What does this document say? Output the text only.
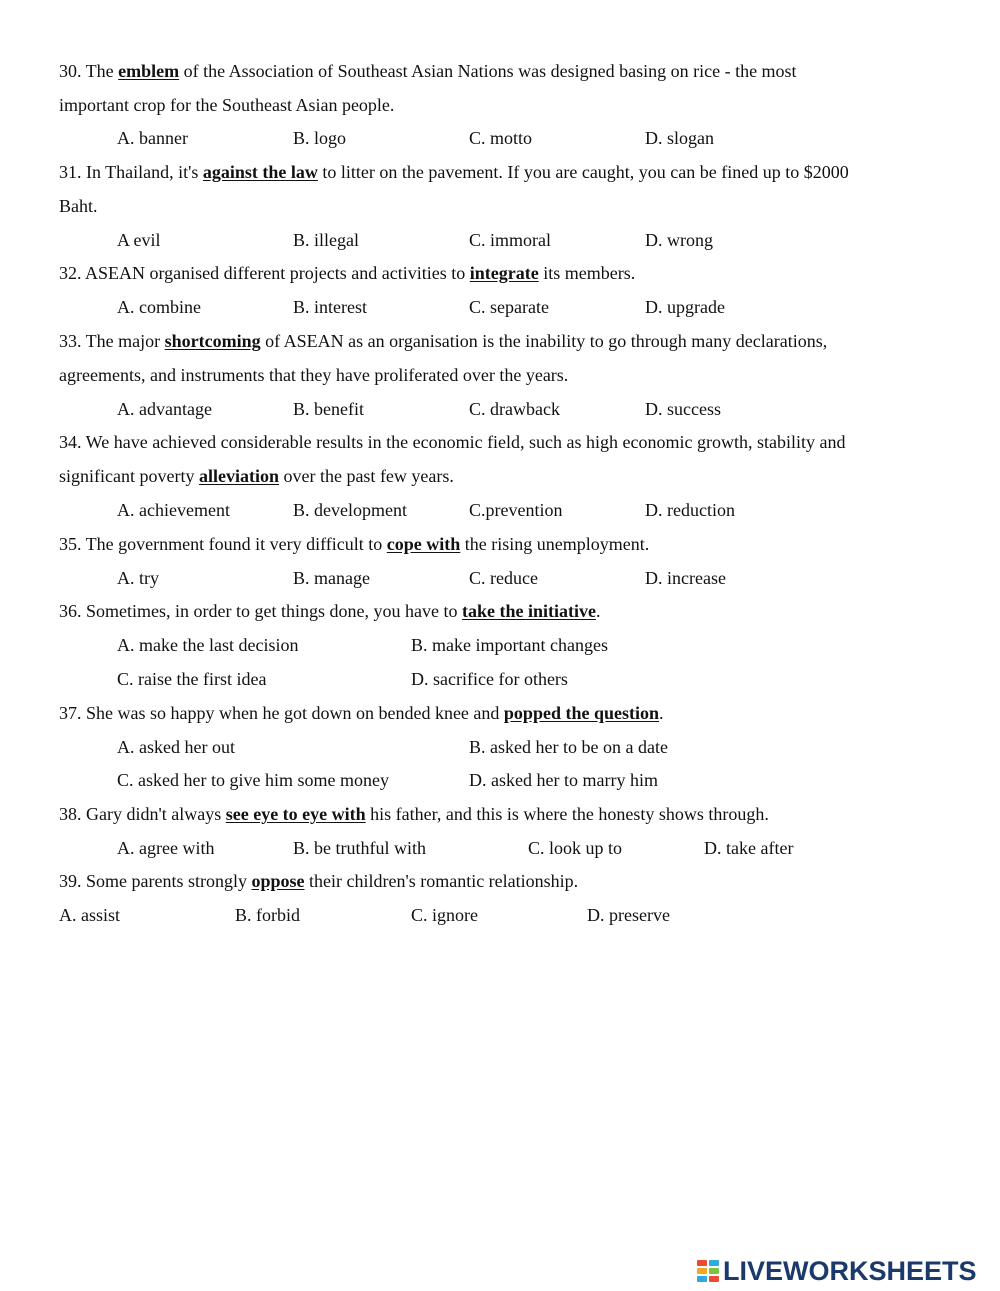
30. The emblem of the Association of Southeast Asian Nations was designed basing on rice - the most
important crop for the Southeast Asian people.
A. banner	B. logo	C. motto	D. slogan
31. In Thailand, it's against the law to litter on the pavement. If you are caught, you can be fined up to $2000
Baht.
A evil	B. illegal	C. immoral	D. wrong
32. ASEAN organised different projects and activities to integrate its members.
A. combine	B. interest	C. separate	D. upgrade
33. The major shortcoming of ASEAN as an organisation is the inability to go through many declarations,
agreements, and instruments that they have proliferated over the years.
A. advantage	B. benefit	C. drawback	D. success
34. We have achieved considerable results in the economic field, such as high economic growth, stability and
significant poverty alleviation over the past few years.
A. achievement	B. development	C.prevention	D. reduction
35. The government found it very difficult to cope with the rising unemployment.
A. try	B. manage	C. reduce	D. increase
36. Sometimes, in order to get things done, you have to take the initiative.
A. make the last decision	B. make important changes
C. raise the first idea	D. sacrifice for others
37. She was so happy when he got down on bended knee and popped the question.
A. asked her out	B. asked her to be on a date
C. asked her to give him some money	D. asked her to marry him
38. Gary didn't always see eye to eye with his father, and this is where the honesty shows through.
A. agree with	B. be truthful with	C. look up to	D. take after
39. Some parents strongly oppose their children's romantic relationship.
A. assist	B. forbid	C. ignore	D. preserve
LIVEWORKSHEETS
